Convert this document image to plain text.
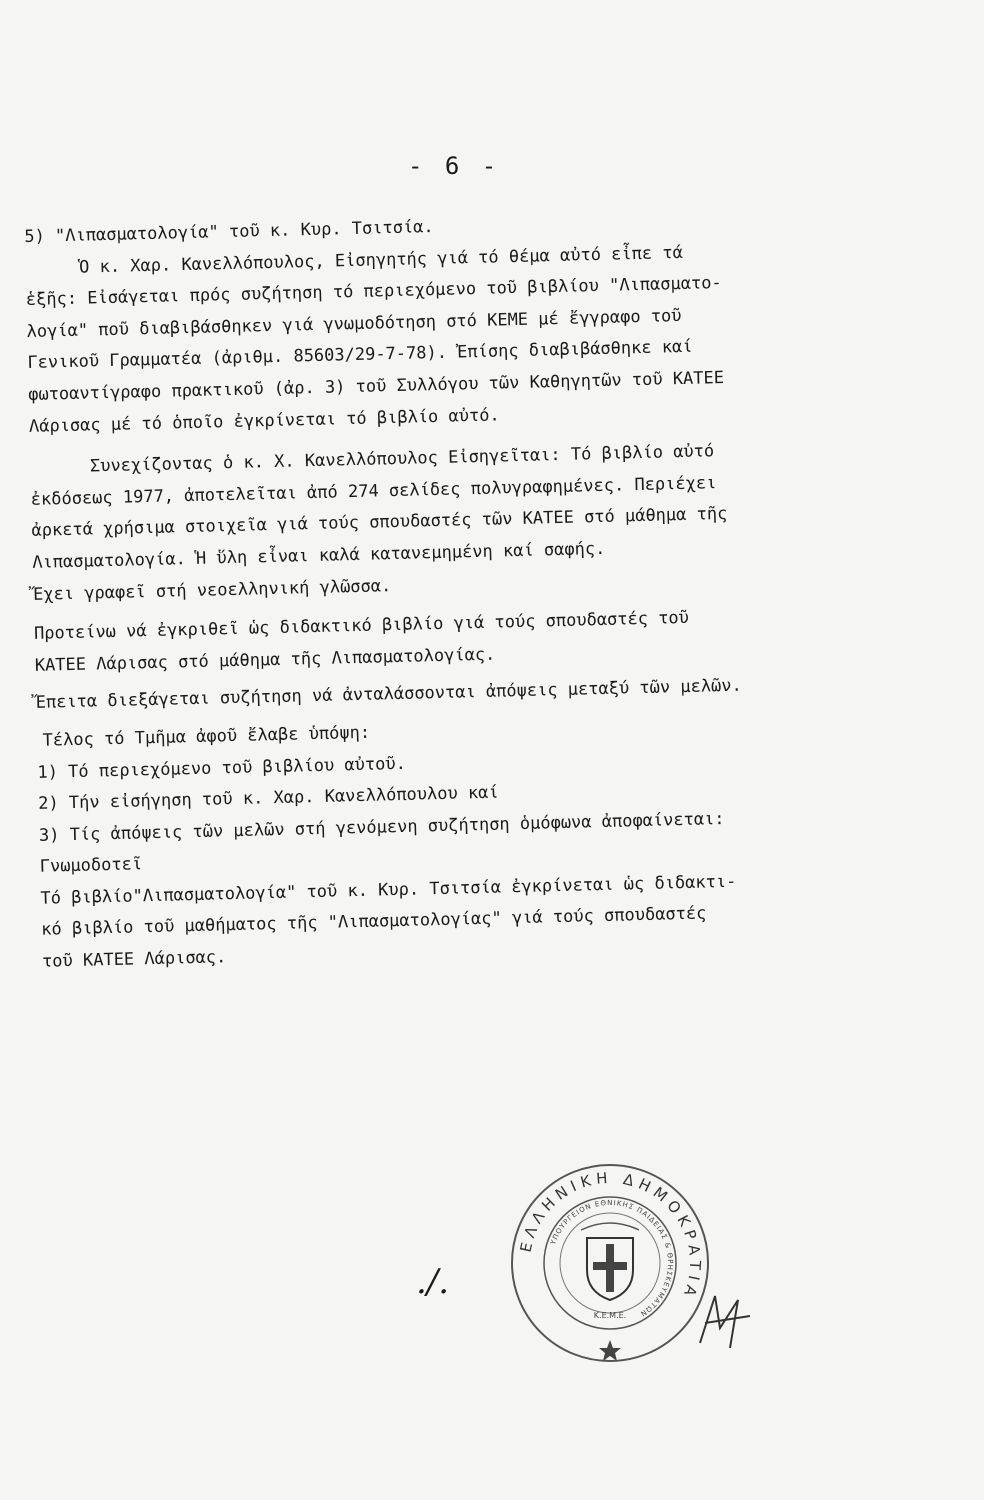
- 6 -
5) "Λιπασματολογία" τοῦ κ. Κυρ. Τσιτσία.
Ὁ κ. Χαρ. Κανελλόπουλος, Εἰσηγητής γιά τό θέμα αὐτό εἶπε τά
ἑξῆς: Εἰσάγεται πρός συζήτηση τό περιεχόμενο τοῦ βιβλίου "Λιπασματο-
λογία" ποῦ διαβιβάσθηκεν γιά γνωμοδότηση στό ΚΕΜΕ μέ ἔγγραφο τοῦ
Γενικοῦ Γραμματέα (ἀριθμ. 85603/29-7-78). Ἐπίσης διαβιβάσθηκε καί
φωτοαντίγραφο πρακτικοῦ (ἀρ. 3) τοῦ Συλλόγου τῶν Καθηγητῶν τοῦ ΚΑΤΕΕ
Λάρισας μέ τό ὁποῖο ἐγκρίνεται τό βιβλίο αὐτό.
Συνεχίζοντας ὁ κ. Χ. Κανελλόπουλος Εἰσηγεῖται: Τό βιβλίο αὐτό
ἐκδόσεως 1977, ἀποτελεῖται ἀπό 274 σελίδες πολυγραφημένες. Περιέχει
ἀρκετά χρήσιμα στοιχεῖα γιά τούς σπουδαστές τῶν ΚΑΤΕΕ στό μάθημα τῆς
Λιπασματολογία. Ἡ ὕλη εἶναι καλά κατανεμημένη καί σαφής.
Ἔχει γραφεῖ στή νεοελληνική γλῶσσα.
Προτείνω νά ἐγκριθεῖ ὡς διδακτικό βιβλίο γιά τούς σπουδαστές τοῦ
ΚΑΤΕΕ Λάρισας στό μάθημα τῆς Λιπασματολογίας.
Ἔπειτα διεξάγεται συζήτηση νά ἀνταλάσσονται ἀπόψεις μεταξύ τῶν μελῶν.
Τέλος τό Τμῆμα ἀφοῦ ἔλαβε ὑπόψη:
1) Τό περιεχόμενο τοῦ βιβλίου αὐτοῦ.
2) Τήν εἰσήγηση τοῦ κ. Χαρ. Κανελλόπουλου καί
3) Τίς ἀπόψεις τῶν μελῶν στή γενόμενη συζήτηση ὁμόφωνα ἀποφαίνεται:
Γνωμοδοτεῖ
Τό βιβλίο"Λιπασματολογία" τοῦ κ. Κυρ. Τσιτσία ἐγκρίνεται ὡς διδακτι-
κό βιβλίο τοῦ μαθήματος τῆς "Λιπασματολογίας" γιά τούς σπουδαστές
τοῦ ΚΑΤΕΕ Λάρισας.
./.
ΕΛΛΗΝΙΚΗ ΔΗΜΟΚΡΑΤΙΑ
ΥΠΟΥΡΓΕΙΟΝ ΕΘΝΙΚΗΣ ΠΑΙΔΕΙΑΣ & ΘΡΗΣΚΕΥΜΑΤΩΝ
Κ.Ε.Μ.Ε.
